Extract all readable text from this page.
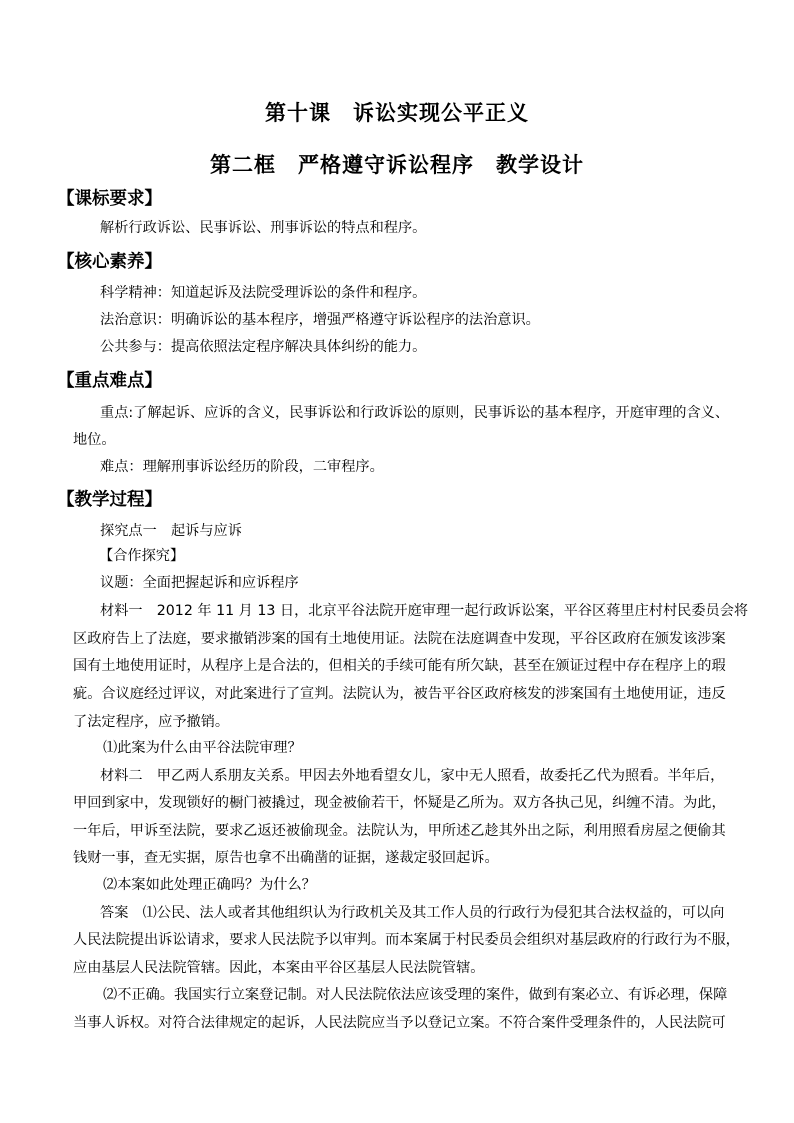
第十课　诉讼实现公平正义
第二框　严格遵守诉讼程序　教学设计
【课标要求】
解析行政诉讼、民事诉讼、刑事诉讼的特点和程序。
【核心素养】
科学精神：知道起诉及法院受理诉讼的条件和程序。
法治意识：明确诉讼的基本程序，增强严格遵守诉讼程序的法治意识。
公共参与：提高依照法定程序解决具体纠纷的能力。
【重点难点】
重点:了解起诉、应诉的含义，民事诉讼和行政诉讼的原则，民事诉讼的基本程序，开庭审理的含义、
地位。
难点：理解刑事诉讼经历的阶段，二审程序。
【教学过程】
探究点一　起诉与应诉
【合作探究】
议题：全面把握起诉和应诉程序
材料一　2012 年 11 月 13 日，北京平谷法院开庭审理一起行政诉讼案，平谷区蒋里庄村村民委员会将
区政府告上了法庭，要求撤销涉案的国有土地使用证。法院在法庭调查中发现，平谷区政府在颁发该涉案
国有土地使用证时，从程序上是合法的，但相关的手续可能有所欠缺，甚至在颁证过程中存在程序上的瑕
疵。合议庭经过评议，对此案进行了宣判。法院认为，被告平谷区政府核发的涉案国有土地使用证，违反
了法定程序，应予撤销。
⑴此案为什么由平谷法院审理？
材料二　甲乙两人系朋友关系。甲因去外地看望女儿，家中无人照看，故委托乙代为照看。半年后，
甲回到家中，发现锁好的橱门被撬过，现金被偷若干，怀疑是乙所为。双方各执己见，纠缠不清。为此，
一年后，甲诉至法院，要求乙返还被偷现金。法院认为，甲所述乙趁其外出之际，利用照看房屋之便偷其
钱财一事，查无实据，原告也拿不出确凿的证据，遂裁定驳回起诉。
⑵本案如此处理正确吗？为什么？
答案　⑴公民、法人或者其他组织认为行政机关及其工作人员的行政行为侵犯其合法权益的，可以向
人民法院提出诉讼请求，要求人民法院予以审判。而本案属于村民委员会组织对基层政府的行政行为不服，
应由基层人民法院管辖。因此，本案由平谷区基层人民法院管辖。
⑵不正确。我国实行立案登记制。对人民法院依法应该受理的案件，做到有案必立、有诉必理，保障
当事人诉权。对符合法律规定的起诉，人民法院应当予以登记立案。不符合案件受理条件的，人民法院可
